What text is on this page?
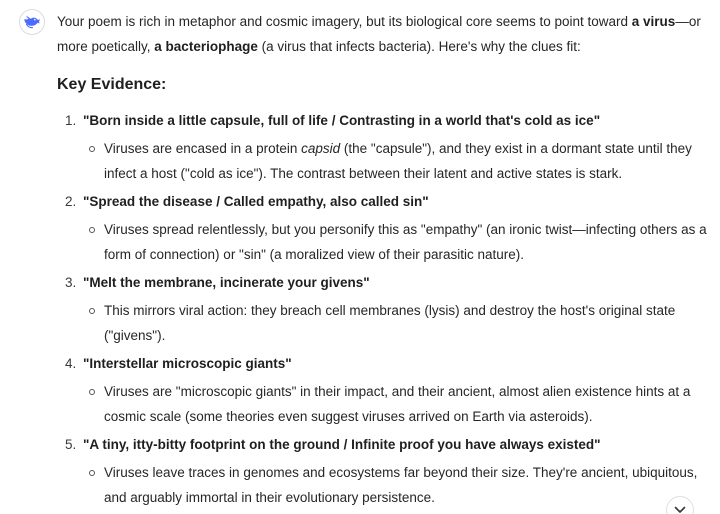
Your poem is rich in metaphor and cosmic imagery, but its biological core seems to point toward a virus—or more poetically, a bacteriophage (a virus that infects bacteria). Here's why the clues fit:

Key Evidence:
1. "Born inside a little capsule, full of life / Contrasting in a world that's cold as ice"
Viruses are encased in a protein capsid (the "capsule"), and they exist in a dormant state until they infect a host ("cold as ice"). The contrast between their latent and active states is stark.
2. "Spread the disease / Called empathy, also called sin"
Viruses spread relentlessly, but you personify this as "empathy" (an ironic twist—infecting others as a form of connection) or "sin" (a moralized view of their parasitic nature).
3. "Melt the membrane, incinerate your givens"
This mirrors viral action: they breach cell membranes (lysis) and destroy the host's original state ("givens").
4. "Interstellar microscopic giants"
Viruses are "microscopic giants" in their impact, and their ancient, almost alien existence hints at a cosmic scale (some theories even suggest viruses arrived on Earth via asteroids).
5. "A tiny, itty-bitty footprint on the ground / Infinite proof you have always existed"
Viruses leave traces in genomes and ecosystems far beyond their size. They're ancient, ubiquitous, and arguably immortal in their evolutionary persistence.
